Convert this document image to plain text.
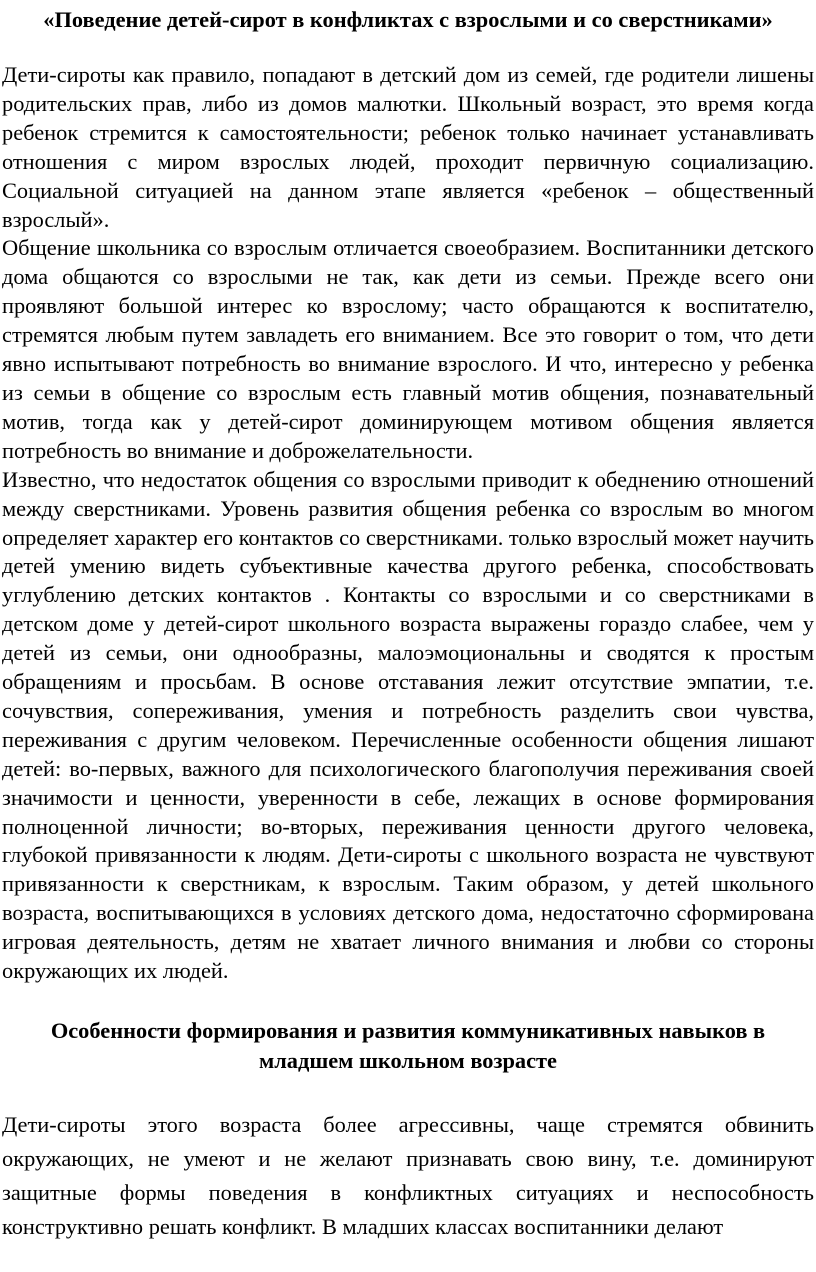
«Поведение детей-сирот в конфликтах с взрослыми и со сверстниками»

Дети-сироты как правило, попадают в детский дом из семей, где родители лишены родительских прав, либо из домов малютки. Школьный возраст, это время когда ребенок стремится к самостоятельности; ребенок только начинает устанавливать отношения с миром взрослых людей, проходит первичную социализацию. Социальной ситуацией на данном этапе является «ребенок – общественный взрослый».

Общение школьника со взрослым отличается своеобразием. Воспитанники детского дома общаются со взрослыми не так, как дети из семьи. Прежде всего они проявляют большой интерес ко взрослому; часто обращаются к воспитателю, стремятся любым путем завладеть его вниманием. Все это говорит о том, что дети явно испытывают потребность во внимание взрослого. И что, интересно у ребенка из семьи в общение со взрослым есть главный мотив общения, познавательный мотив, тогда как у детей-сирот доминирующем мотивом общения является потребность во внимание и доброжелательности.

Известно, что недостаток общения со взрослыми приводит к обеднению отношений между сверстниками. Уровень развития общения ребенка со взрослым во многом определяет характер его контактов со сверстниками. только взрослый может научить детей умению видеть субъективные качества другого ребенка, способствовать углублению детских контактов . Контакты со взрослыми и со сверстниками в детском доме у детей-сирот школьного возраста выражены гораздо слабее, чем у детей из семьи, они однообразны, малоэмоциональны и сводятся к простым обращениям и просьбам. В основе отставания лежит отсутствие эмпатии, т.е. сочувствия, сопереживания, умения и потребность разделить свои чувства, переживания с другим человеком. Перечисленные особенности общения лишают детей: во-первых, важного для психологического благополучия переживания своей значимости и ценности, уверенности в себе, лежащих в основе формирования полноценной личности; во-вторых, переживания ценности другого человека, глубокой привязанности к людям. Дети-сироты с школьного возраста не чувствуют привязанности к сверстникам, к взрослым. Таким образом, у детей школьного возраста, воспитывающихся в условиях детского дома, недостаточно сформирована игровая деятельность, детям не хватает личного внимания и любви со стороны окружающих их людей.

Особенности формирования и развития коммуникативных навыков в младшем школьном возрасте

Дети-сироты этого возраста более агрессивны, чаще стремятся обвинить окружающих, не умеют и не желают признавать свою вину, т.е. доминируют защитные формы поведения в конфликтных ситуациях и неспособность конструктивно решать конфликт. В младших классах воспитанники делают
